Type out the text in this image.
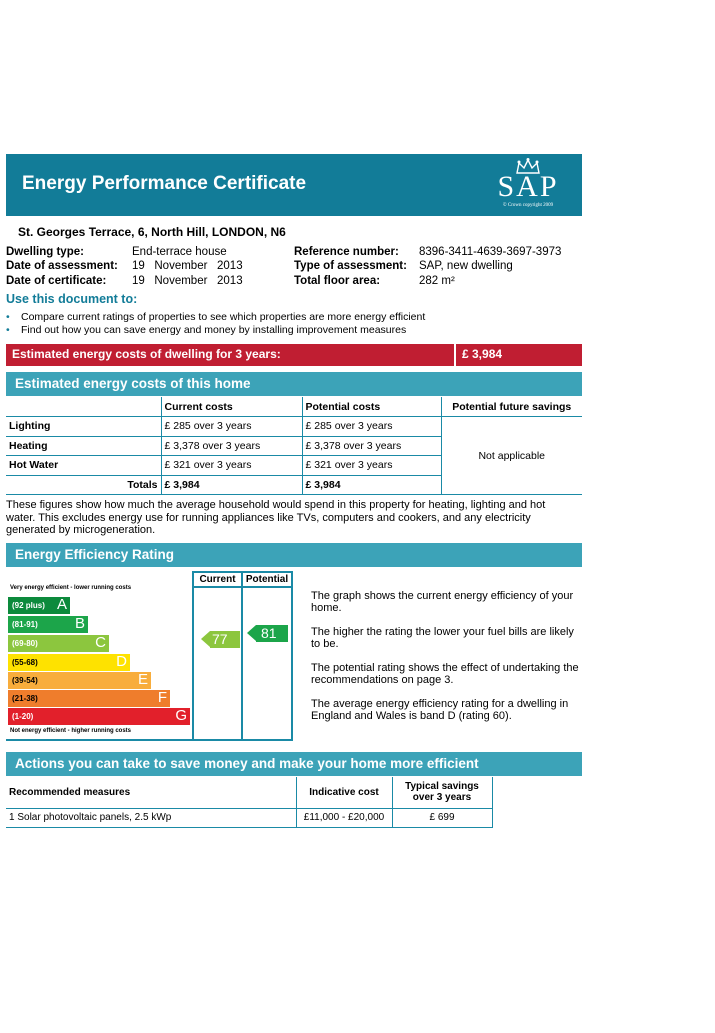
Energy Performance Certificate	SAP
© Crown copyright 2009
St. Georges Terrace, 6, North Hill, LONDON, N6
Dwelling type:	End-terrace house
Date of assessment: 19   November   2013
Date of certificate: 19   November   2013
Reference number: 8396-3411-4639-3697-3973
Type of assessment: SAP, new dwelling
Total floor area:	282 m²
Use this document to:
• Compare current ratings of properties to see which properties are more energy efficient
• Find out how you can save energy and money by installing improvement measures
Estimated energy costs of dwelling for 3 years:	£ 3,984
Estimated energy costs of this home
	Current costs	Potential costs	Potential future savings
Lighting	£ 285 over 3 years	£ 285 over 3 years	Not applicable
Heating	£ 3,378 over 3 years	£ 3,378 over 3 years	
Hot Water	£ 321 over 3 years	£ 321 over 3 years	
Totals	£ 3,984	£ 3,984	
These figures show how much the average household would spend in this property for heating, lighting and hot water. This excludes energy use for running appliances like TVs, computers and cookers, and any electricity generated by microgeneration.
Energy Efficiency Rating
(92 plus) A
(81-91) B
(69-80)	C
(55-68)	D
(39-54)	E
(21-38)	F
(1-20)	G
Very energy efficient - lower running costs
Not energy efficient - higher running costs
Current
77
Potential
81
The graph shows the current energy efficiency of your home.
The higher the rating the lower your fuel bills are likely to be.
The potential rating shows the effect of undertaking the recommendations on page 3.
The average energy efficiency rating for a dwelling in England and Wales is band D (rating 60).
Actions you can take to save money and make your home more efficient
Recommended measures	Indicative cost	Typical savings over 3 years
1 Solar photovoltaic panels, 2.5 kWp	£11,000 - £20,000	£ 699
